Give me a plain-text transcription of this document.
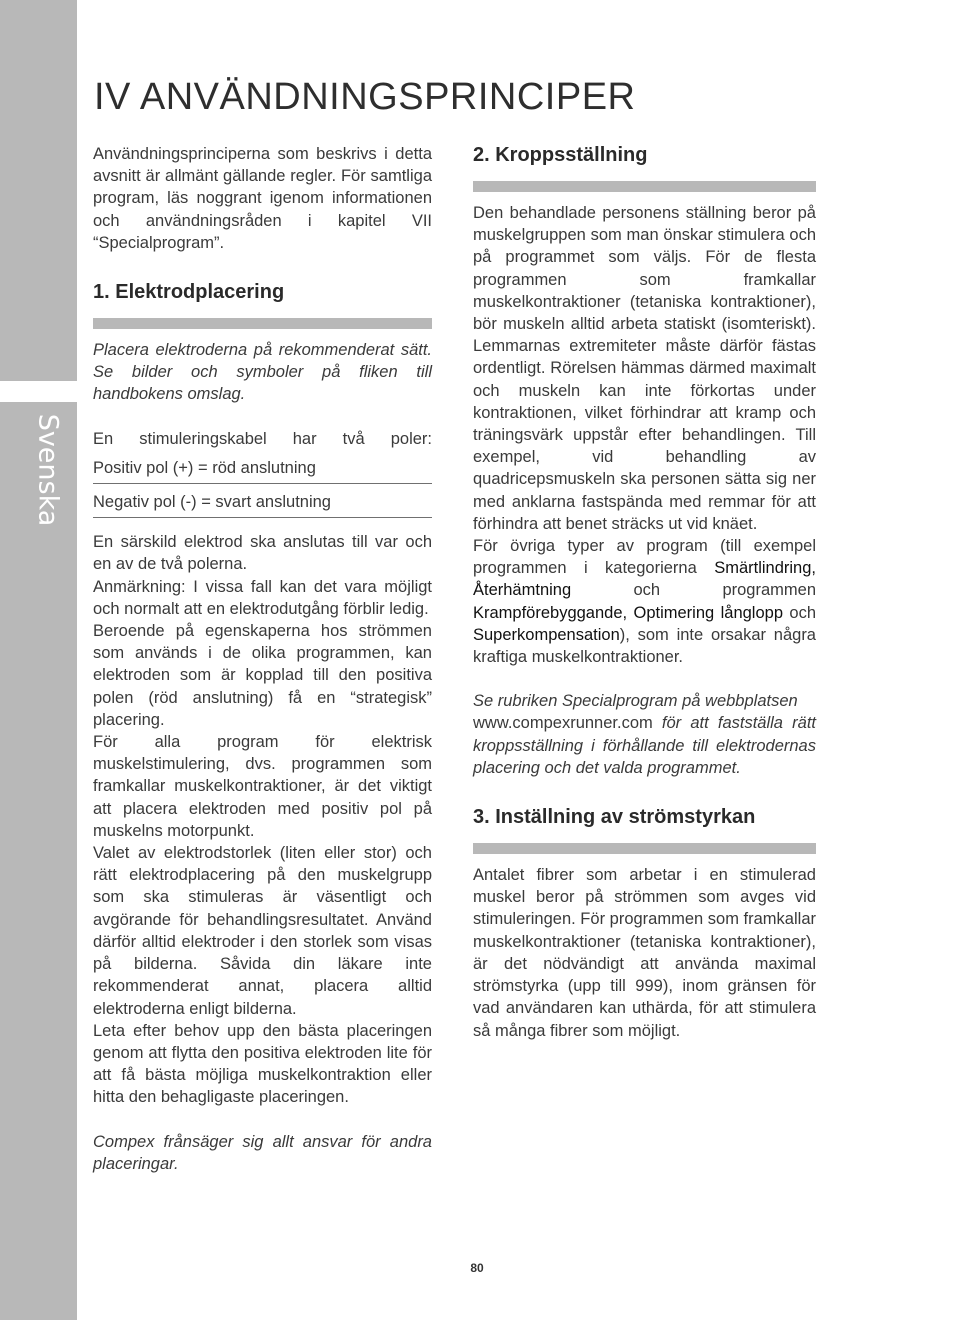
Svenska
IV ANVÄNDNINGSPRINCIPER

Användningsprinciperna som beskrivs i detta avsnitt är allmänt gällande regler. För samtliga program, läs noggrant igenom informationen och användningsråden i kapitel VII “Specialprogram”.

1. Elektrodplacering

Placera elektroderna på rekommenderat sätt. Se bilder och symboler på fliken till handbokens omslag.

En stimuleringskabel har två poler:

Positiv pol (+) = röd anslutning
Negativ pol (-) = svart anslutning

En särskild elektrod ska anslutas till var och en av de två polerna.

Anmärkning: I vissa fall kan det vara möjligt och normalt att en elektrodutgång förblir ledig.

Beroende på egenskaperna hos strömmen som används i de olika programmen, kan elektroden som är kopplad till den positiva polen (röd anslutning) få en “strategisk” placering.

För alla program för elektrisk muskelstimulering, dvs. programmen som framkallar muskelkontraktioner, är det viktigt att placera elektroden med positiv pol på muskelns motorpunkt.

Valet av elektrodstorlek (liten eller stor) och rätt elektrodplacering på den muskelgrupp som ska stimuleras är väsentligt och avgörande för behandlingsresultatet. Använd därför alltid elektroder i den storlek som visas på bilderna. Såvida din läkare inte rekommenderat annat, placera alltid elektroderna enligt bilderna.

Leta efter behov upp den bästa placeringen genom att flytta den positiva elektroden lite för att få bästa möjliga muskelkontraktion eller hitta den behagligaste placeringen.

Compex frånsäger sig allt ansvar för andra placeringar.

2. Kroppsställning

Den behandlade personens ställning beror på muskelgruppen som man önskar stimulera och på programmet som väljs. För de flesta programmen som framkallar muskelkontraktioner (tetaniska kontraktioner), bör muskeln alltid arbeta statiskt (isomteriskt). Lemmarnas extremiteter måste därför fästas ordentligt. Rörelsen hämmas därmed maximalt och muskeln kan inte förkortas under kontraktionen, vilket förhindrar att kramp och träningsvärk uppstår efter behandlingen. Till exempel, vid behandling av quadricepsmuskeln ska personen sätta sig ner med anklarna fastspända med remmar för att förhindra att benet sträcks ut vid knäet.

För övriga typer av program (till exempel programmen i kategorierna Smärtlindring, Återhämtning och programmen Krampförebyggande, Optimering långlopp och Superkompensation), som inte orsakar några kraftiga muskelkontraktioner.

Se rubriken Specialprogram på webbplatsen
www.compexrunner.com för att fastställa rätt kroppsställning i förhållande till elektrodernas placering och det valda programmet.

3. Inställning av strömstyrkan

Antalet fibrer som arbetar i en stimulerad muskel beror på strömmen som avges vid stimuleringen. För programmen som framkallar muskelkontraktioner (tetaniska kontraktioner), är det nödvändigt att använda maximal strömstyrka (upp till 999), inom gränsen för vad användaren kan uthärda, för att stimulera så många fibrer som möjligt.

80
